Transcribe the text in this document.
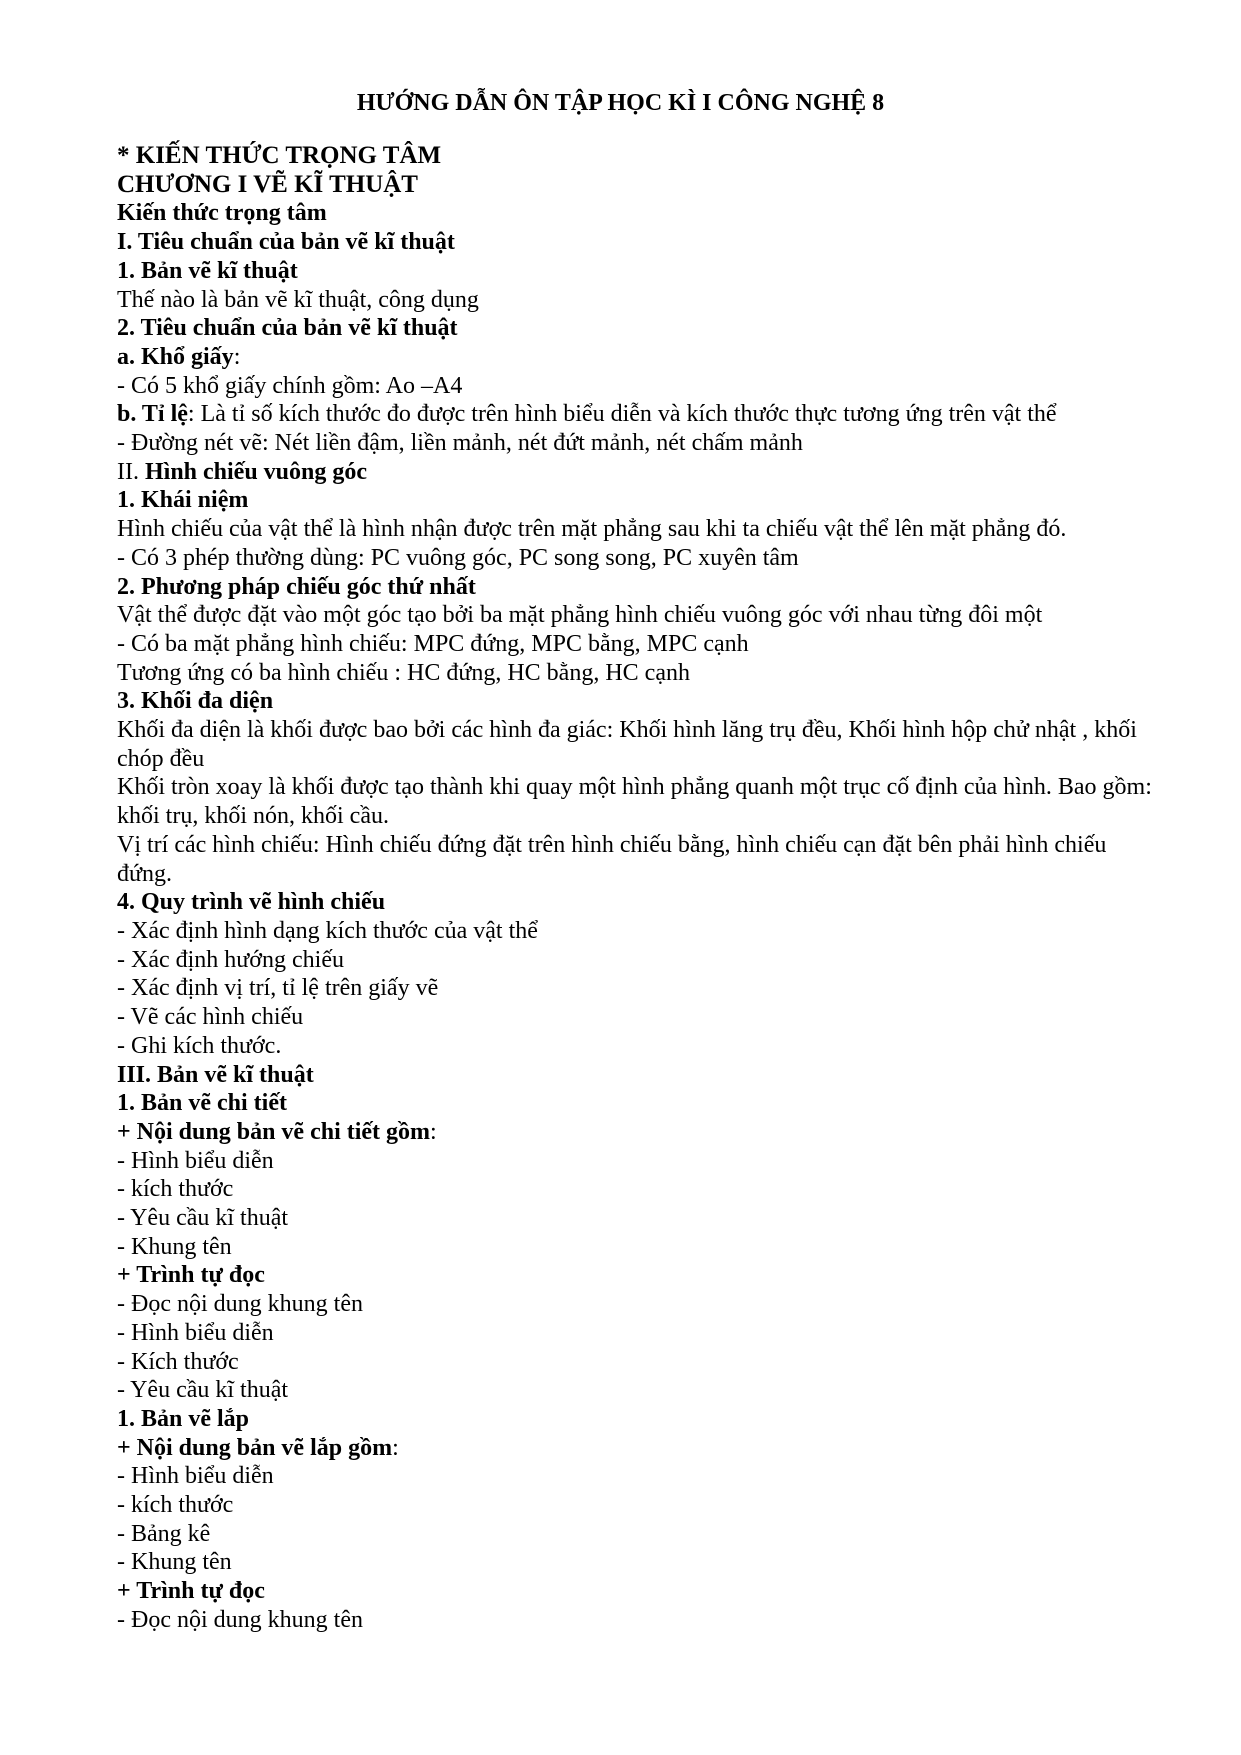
HƯỚNG DẪN ÔN TẬP HỌC KÌ I CÔNG NGHỆ 8
* KIẾN THỨC TRỌNG TÂM
CHƯƠNG I VẼ KĨ THUẬT
Kiến thức trọng tâm
I. Tiêu chuẩn của bản vẽ kĩ thuật
1. Bản vẽ kĩ thuật
Thế nào là bản vẽ kĩ thuật, công dụng
2. Tiêu chuẩn của bản vẽ kĩ thuật
a. Khổ giấy:
- Có 5 khổ giấy chính gồm: Ao –A4
b. Tỉ lệ: Là tỉ số kích thước đo được trên hình biểu diễn và kích thước thực tương ứng trên vật thể
- Đường nét vẽ: Nét liền đậm, liền mảnh, nét đứt mảnh, nét chấm mảnh
II. Hình chiếu vuông góc
1. Khái niệm
Hình chiếu của vật thể là hình nhận được trên mặt phẳng sau khi ta chiếu vật thể lên mặt phẳng đó.
- Có 3 phép thường dùng: PC vuông góc, PC song song, PC xuyên tâm
2. Phương pháp chiếu góc thứ nhất
Vật thể được đặt vào một góc tạo bởi ba mặt phẳng hình chiếu vuông góc với nhau từng đôi một
- Có ba mặt phẳng hình chiếu: MPC đứng, MPC bằng, MPC cạnh
Tương ứng có ba hình chiếu : HC đứng, HC bằng, HC cạnh
3. Khối đa diện
Khối đa diện là khối được bao bởi các hình đa giác: Khối hình lăng trụ đều, Khối hình hộp chử nhật , khối chóp đều
Khối tròn xoay là khối được tạo thành khi quay một hình phẳng quanh một trục cố định của hình. Bao gồm: khối trụ, khối nón, khối cầu.
Vị trí các hình chiếu: Hình chiếu đứng đặt trên hình chiếu bằng, hình chiếu cạn đặt bên phải hình chiếu đứng.
4. Quy trình vẽ hình chiếu
- Xác định hình dạng kích thước của vật thể
- Xác định hướng chiếu
- Xác định vị trí, tỉ lệ trên giấy vẽ
- Vẽ các hình chiếu
- Ghi kích thước.
III. Bản vẽ kĩ thuật
1. Bản vẽ chi tiết
+ Nội dung bản vẽ chi tiết gồm:
- Hình biểu diễn
- kích thước
- Yêu cầu kĩ thuật
- Khung tên
+ Trình tự đọc
- Đọc nội dung khung tên
- Hình biểu diễn
- Kích thước
- Yêu cầu kĩ thuật
1. Bản vẽ lắp
+ Nội dung bản vẽ lắp gồm:
- Hình biểu diễn
- kích thước
- Bảng kê
- Khung tên
+ Trình tự đọc
- Đọc nội dung khung tên
